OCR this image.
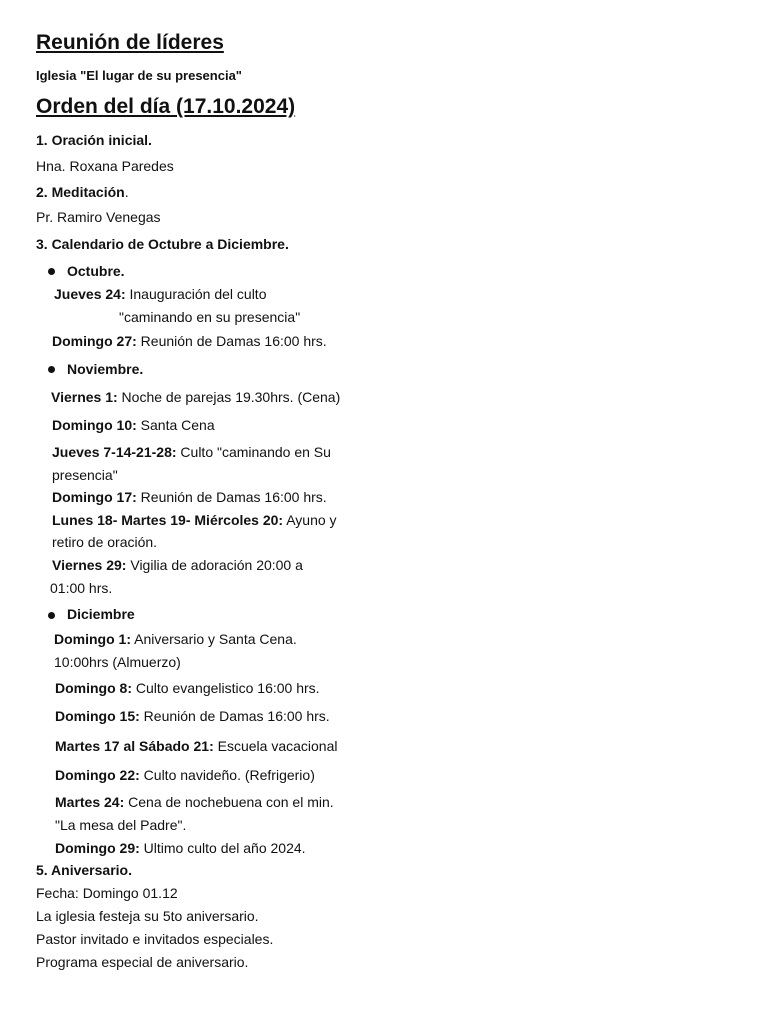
Reunión de líderes
Iglesia "El lugar de su presencia"
Orden del día (17.10.2024)
1. Oración inicial.
Hna. Roxana Paredes
2. Meditación.
Pr. Ramiro Venegas
3. Calendario de Octubre a Diciembre.
Octubre.
Jueves 24: Inauguración del culto
"caminando en su presencia"
Domingo 27: Reunión de Damas 16:00 hrs.
Noviembre.
Viernes 1: Noche de parejas 19.30hrs. (Cena)
Domingo 10: Santa Cena
Jueves 7-14-21-28: Culto "caminando en Su
presencia"
Domingo 17: Reunión de Damas 16:00 hrs.
Lunes 18- Martes 19- Miércoles 20: Ayuno y
retiro de oración.
Viernes 29: Vigilia de adoración 20:00 a
01:00 hrs.
Diciembre
Domingo 1: Aniversario y Santa Cena.
10:00hrs (Almuerzo)
Domingo 8: Culto evangelistico 16:00 hrs.
Domingo 15: Reunión de Damas 16:00 hrs.
Martes 17 al Sábado 21: Escuela vacacional
Domingo 22: Culto navideño. (Refrigerio)
Martes 24: Cena de nochebuena con el min.
"La mesa del Padre".
Domingo 29: Ultimo culto del año 2024.
5. Aniversario.
Fecha: Domingo 01.12
La iglesia festeja su 5to aniversario.
Pastor invitado e invitados especiales.
Programa especial de aniversario.
